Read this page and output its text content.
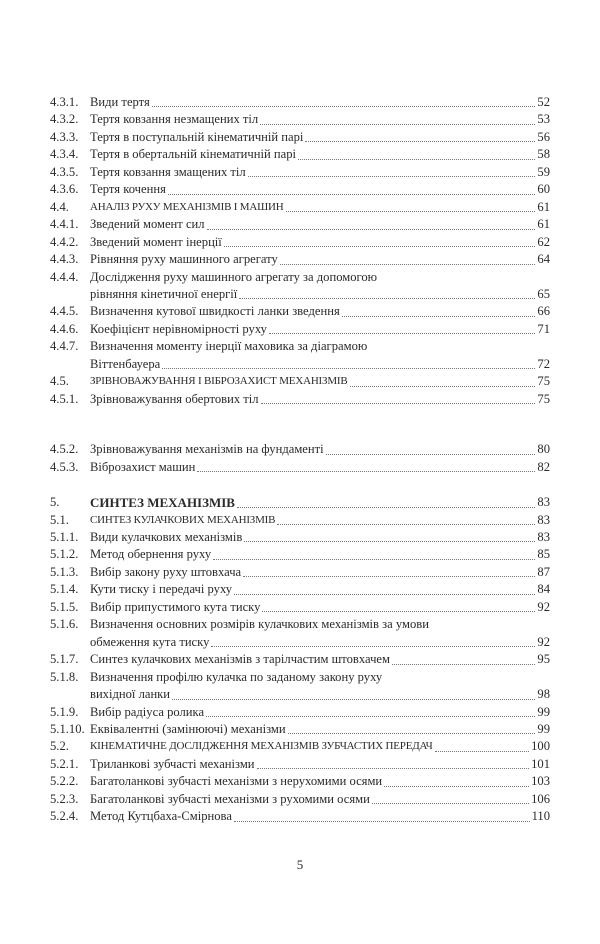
4.3.1. Види тертя	52
4.3.2. Тертя ковзання незмащених тіл	53
4.3.3. Тертя в поступальній кінематичній парі	56
4.3.4. Тертя в обертальній кінематичній парі	58
4.3.5. Тертя ковзання змащених тіл	59
4.3.6. Тертя кочення	60
4.4.	АНАЛІЗ РУХУ МЕХАНІЗМІВ І МАШИН	61
4.4.1. Зведений момент сил	61
4.4.2. Зведений момент інерції	62
4.4.3. Рівняння руху машинного агрегату	64
4.4.4. Дослідження руху машинного агрегату за допомогою
рівняння кінетичної енергії	65
4.4.5. Визначення кутової швидкості ланки зведення	66
4.4.6. Коефіцієнт нерівномірності руху	71
4.4.7. Визначення моменту інерції маховика за діаграмою
Віттенбауера	72
4.5.	ЗРІВНОВАЖУВАННЯ І ВІБРОЗАХИСТ МЕХАНІЗМІВ	75
4.5.1. Зрівноважування обертових тіл	75
4.5.2. Зрівноважування механізмів на фундаменті	80
4.5.3. Віброзахист машин	82
5.	СИНТЕЗ МЕХАНІЗМІВ	83
5.1.	СИНТЕЗ КУЛАЧКОВИХ МЕХАНІЗМІВ	83
5.1.1. Види кулачкових механізмів	83
5.1.2. Метод обернення руху	85
5.1.3. Вибір закону руху штовхача	87
5.1.4. Кути тиску і передачі руху	84
5.1.5. Вибір припустимого кута тиску	92
5.1.6. Визначення основних розмірів кулачкових механізмів за умови
обмеження кута тиску	92
5.1.7. Синтез кулачкових механізмів з тарілчастим штовхачем	95
5.1.8. Визначення профілю кулачка по заданому закону руху
вихідної ланки	98
5.1.9. Вибір радіуса ролика	99
5.1.10. Еквівалентні (замінюючі) механізми	99
5.2.	КІНЕМАТИЧНЕ ДОСЛІДЖЕННЯ МЕХАНІЗМІВ ЗУБЧАСТИХ ПЕРЕДАЧ	100
5.2.1. Триланкові зубчасті механізми	101
5.2.2. Багатоланкові зубчасті механізми з нерухомими осями	103
5.2.3. Багатоланкові зубчасті механізми з рухомими осями	106
5.2.4. Метод Кутцбаха-Смірнова	110
5
